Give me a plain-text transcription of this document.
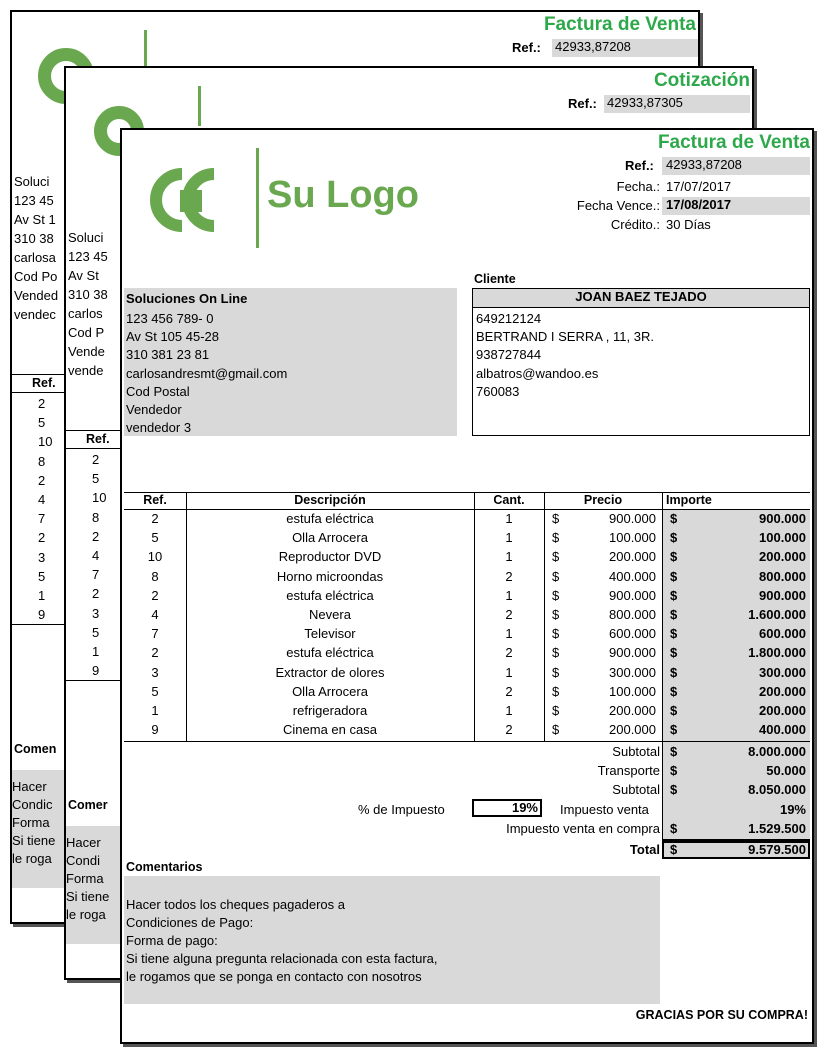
Factura de Venta
Ref.: 42933,87208
Soluci
123 45
Av St 1
310 38
carlosa
Cod Po
Vended
vendec
Ref.
2
5
10
8
2
4
7
2
3
5
1
9
Comen
Hacer
Condic
Forma
Si tiene
le roga
Cotización
Ref.: 42933,87305
Soluci
123 45
Av St
310 38
carlos
Cod P
Vende
vende
Ref.
2
5
10
8
2
4
7
2
3
5
1
9
Comer
Hacer
Condi
Forma
Si tiene
le roga
Factura de Venta
Ref.: 42933,87208
Fecha.: 17/07/2017
Fecha Vence.: 17/08/2017
Crédito.: 30 Días
Su Logo
Soluciones On Line
123 456 789- 0
Av St 105 45-28
310 381 23 81
carlosandresmt@gmail.com
Cod Postal
Vendedor
vendedor 3
Cliente
JOAN BAEZ TEJADO
649212124
BERTRAND I SERRA , 11, 3R.
938727844
albatros@wandoo.es
760083
Ref.	Descripción	Cant.	Precio	Importe
2	estufa eléctrica	1	$	900.000 $	900.000
5	Olla Arrocera	1	$	100.000 $	100.000
10	Reproductor DVD	1	$	200.000 $	200.000
8	Horno microondas	2	$	400.000 $	800.000
2	estufa eléctrica	1	$	900.000 $	900.000
4	Nevera	2	$	800.000 $	1.600.000
7	Televisor	1	$	600.000 $	600.000
2	estufa eléctrica	2	$	900.000 $	1.800.000
3	Extractor de olores	1	$	300.000 $	300.000
5	Olla Arrocera	2	$	100.000 $	200.000
1	refrigeradora	1	$	200.000 $	200.000
9	Cinema en casa	2	$	200.000 $	400.000
Subtotal $	8.000.000
Transporte $	50.000
Subtotal $	8.050.000
% de Impuesto	19%	Impuesto venta	19%
Impuesto venta en compra $	1.529.500
Total $	9.579.500
Comentarios
Hacer todos los cheques pagaderos a
Condiciones de Pago:
Forma de pago:
Si tiene alguna pregunta relacionada con esta factura,
le rogamos que se ponga en contacto con nosotros
GRACIAS POR SU COMPRA!
